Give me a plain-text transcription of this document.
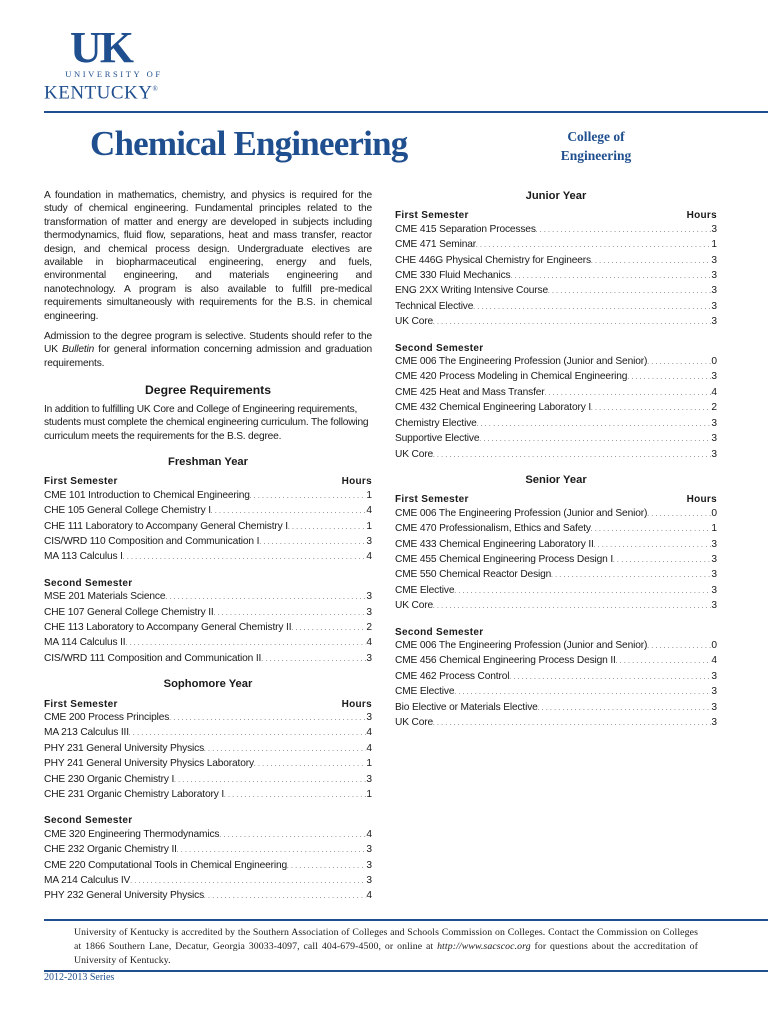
UK
UNIVERSITY OF
KENTUCKY®
Chemical Engineering	College of
Engineering

A foundation in mathematics, chemistry, and physics is required for the study of chemical engineering. Fundamental principles related to the transformation of matter and energy are developed in subjects including thermodynamics, fluid flow, separations, heat and mass transfer, reactor design, and chemical process design. Undergraduate electives are available in biopharmaceutical engineering, energy and fuels, environmental engineering, and materials engineering and nanotechnology. A program is also available to fulfill pre-medical requirements simultaneously with requirements for the B.S. in chemical engineering.

Admission to the degree program is selective. Students should refer to the UK Bulletin for general information concerning admission and graduation requirements.

Degree Requirements

In addition to fulfilling UK Core and College of Engineering requirements, students must complete the chemical engineering curriculum. The following curriculum meets the requirements for the B.S. degree.

Freshman Year
First Semester	Hours
CME 101 Introduction to Chemical Engineering . . .	1
CHE 105 General College Chemistry I . . .	4
CHE 111 Laboratory to Accompany General Chemistry I . . .	1
CIS/WRD 110 Composition and Communication I . . .	3
MA 113 Calculus I . . .	4
Second Semester
MSE 201 Materials Science . . .	3
CHE 107 General College Chemistry II . . .	3
CHE 113 Laboratory to Accompany General Chemistry II . . .	2
MA 114 Calculus II . . .	4
CIS/WRD 111 Composition and Communication II . . .	3
Sophomore Year
First Semester	Hours
CME 200 Process Principles . . .	3
MA 213 Calculus III . . .	4
PHY 231 General University Physics . . .	4
PHY 241 General University Physics Laboratory . . .	1
CHE 230 Organic Chemistry I . . .	3
CHE 231 Organic Chemistry Laboratory I . . .	1
Second Semester
CME 320 Engineering Thermodynamics . . .	4
CHE 232 Organic Chemistry II . . .	3
CME 220 Computational Tools in Chemical Engineering . . .	3
MA 214 Calculus IV . . .	3
PHY 232 General University Physics . . .	4
Junior Year
First Semester	Hours
CME 415 Separation Processes . . .	3
CME 471 Seminar . . .	1
CHE 446G Physical Chemistry for Engineers . . .	3
CME 330 Fluid Mechanics . . .	3
ENG 2XX Writing Intensive Course . . .	3
Technical Elective . . .	3
UK Core . . .	3
Second Semester
CME 006 The Engineering Profession (Junior and Senior) . . .	0
CME 420 Process Modeling in Chemical Engineering . . .	3
CME 425 Heat and Mass Transfer . . .	4
CME 432 Chemical Engineering Laboratory I . . .	2
Chemistry Elective . . .	3
Supportive Elective . . .	3
UK Core . . .	3
Senior Year
First Semester	Hours
CME 006 The Engineering Profession (Junior and Senior) . . .	0
CME 470 Professionalism, Ethics and Safety . . .	1
CME 433 Chemical Engineering Laboratory II . . .	3
CME 455 Chemical Engineering Process Design I . . .	3
CME 550 Chemical Reactor Design . . .	3
CME Elective . . .	3
UK Core . . .	3
Second Semester
CME 006 The Engineering Profession (Junior and Senior) . . .	0
CME 456 Chemical Engineering Process Design II . . .	4
CME 462 Process Control . . .	3
CME Elective . . .	3
Bio Elective or Materials Elective . . .	3
UK Core . . .	3
University of Kentucky is accredited by the Southern Association of Colleges and Schools Commission on Colleges. Contact the Commission on Colleges at 1866 Southern Lane, Decatur, Georgia 30033-4097, call 404-679-4500, or online at http://www.sacscoc.org for questions about the accreditation of University of Kentucky.
2012-2013 Series
